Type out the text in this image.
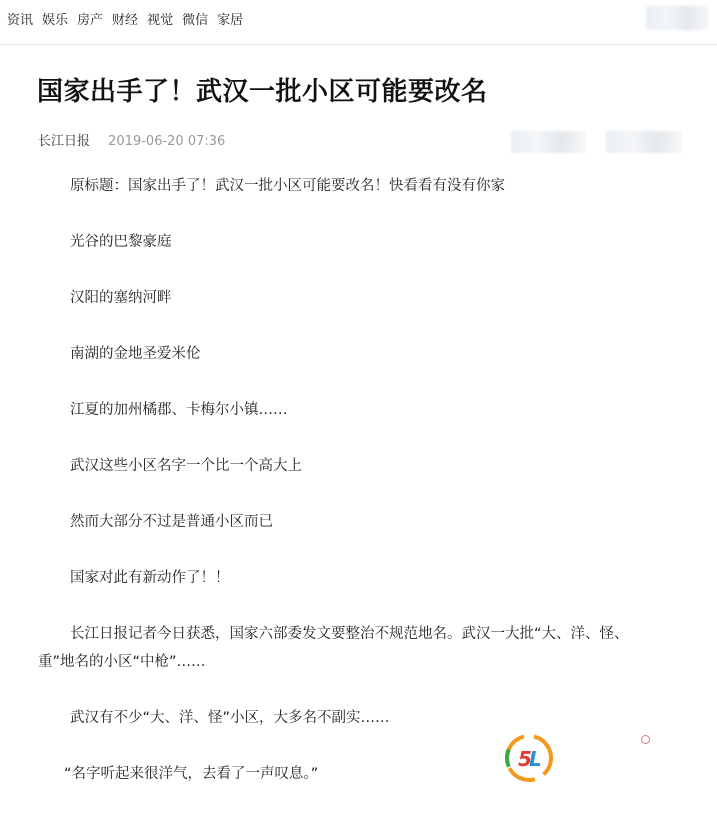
资讯 娱乐 房产 财经 视觉 微信 家居
国家出手了！武汉一批小区可能要改名
长江日报 2019-06-20 07:36

原标题：国家出手了！武汉一批小区可能要改名！快看看有没有你家

光谷的巴黎豪庭

汉阳的塞纳河畔

南湖的金地圣爱米伦

江夏的加州橘郡、卡梅尔小镇……

武汉这些小区名字一个比一个高大上

然而大部分不过是普通小区而已

国家对此有新动作了！！

长江日报记者今日获悉，国家六部委发文要整治不规范地名。武汉一大批“大、洋、怪、重”地名的小区“中枪”……

武汉有不少“大、洋、怪”小区，大多名不副实……

“名字听起来很洋气，去看了一声叹息。”

5
L
